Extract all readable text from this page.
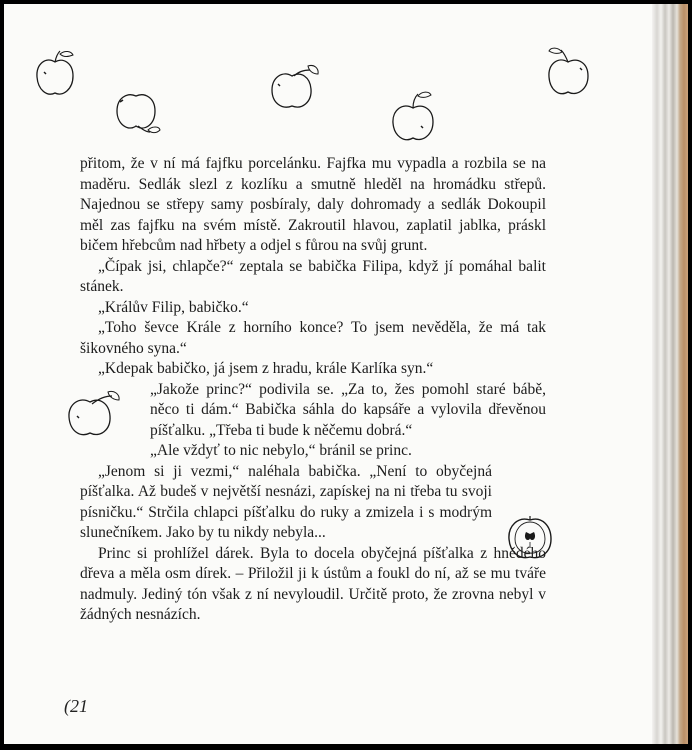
přitom, že v ní má fajfku porcelánku. Fajfka mu vypadla a rozbila se na maděru. Sedlák slezl z kozlíku a smutně hleděl na hromádku střepů. Najednou se střepy samy posbíraly, daly dohromady a sedlák Dokoupil měl zas fajfku na svém místě. Zakroutil hlavou, zaplatil jablka, práskl bičem hřebcům nad hřbety a odjel s fůrou na svůj grunt.

„Čípak jsi, chlapče?“ zeptala se babička Filipa, když jí pomáhal balit stánek.

„Králův Filip, babičko.“

„Toho ševce Krále z horního konce? To jsem nevěděla, že má tak šikovného syna.“

„Kdepak babičko, já jsem z hradu, krále Karlíka syn.“

„Jakože princ?“ podivila se. „Za to, žes pomohl staré bábě, něco ti dám.“ Babička sáhla do kapsáře a vylovila dřevěnou píšťalku. „Třeba ti bude k něčemu dobrá.“

„Ale vždyť to nic nebylo,“ bránil se princ.

„Jenom si ji vezmi,“ naléhala babička. „Není to obyčejná píšťalka. Až budeš v největší nesnázi, zapískej na ni třeba tu svoji písničku.“ Strčila chlapci píšťalku do ruky a zmizela i s modrým slunečníkem. Jako by tu nikdy nebyla...

Princ si prohlížel dárek. Byla to docela obyčejná píšťalka z hnědého dřeva a měla osm dírek. – Přiložil ji k ústům a foukl do ní, až se mu tváře nadmuly. Jediný tón však z ní nevyloudil. Určitě proto, že zrovna nebyl v žádných nesnázích.

(21
